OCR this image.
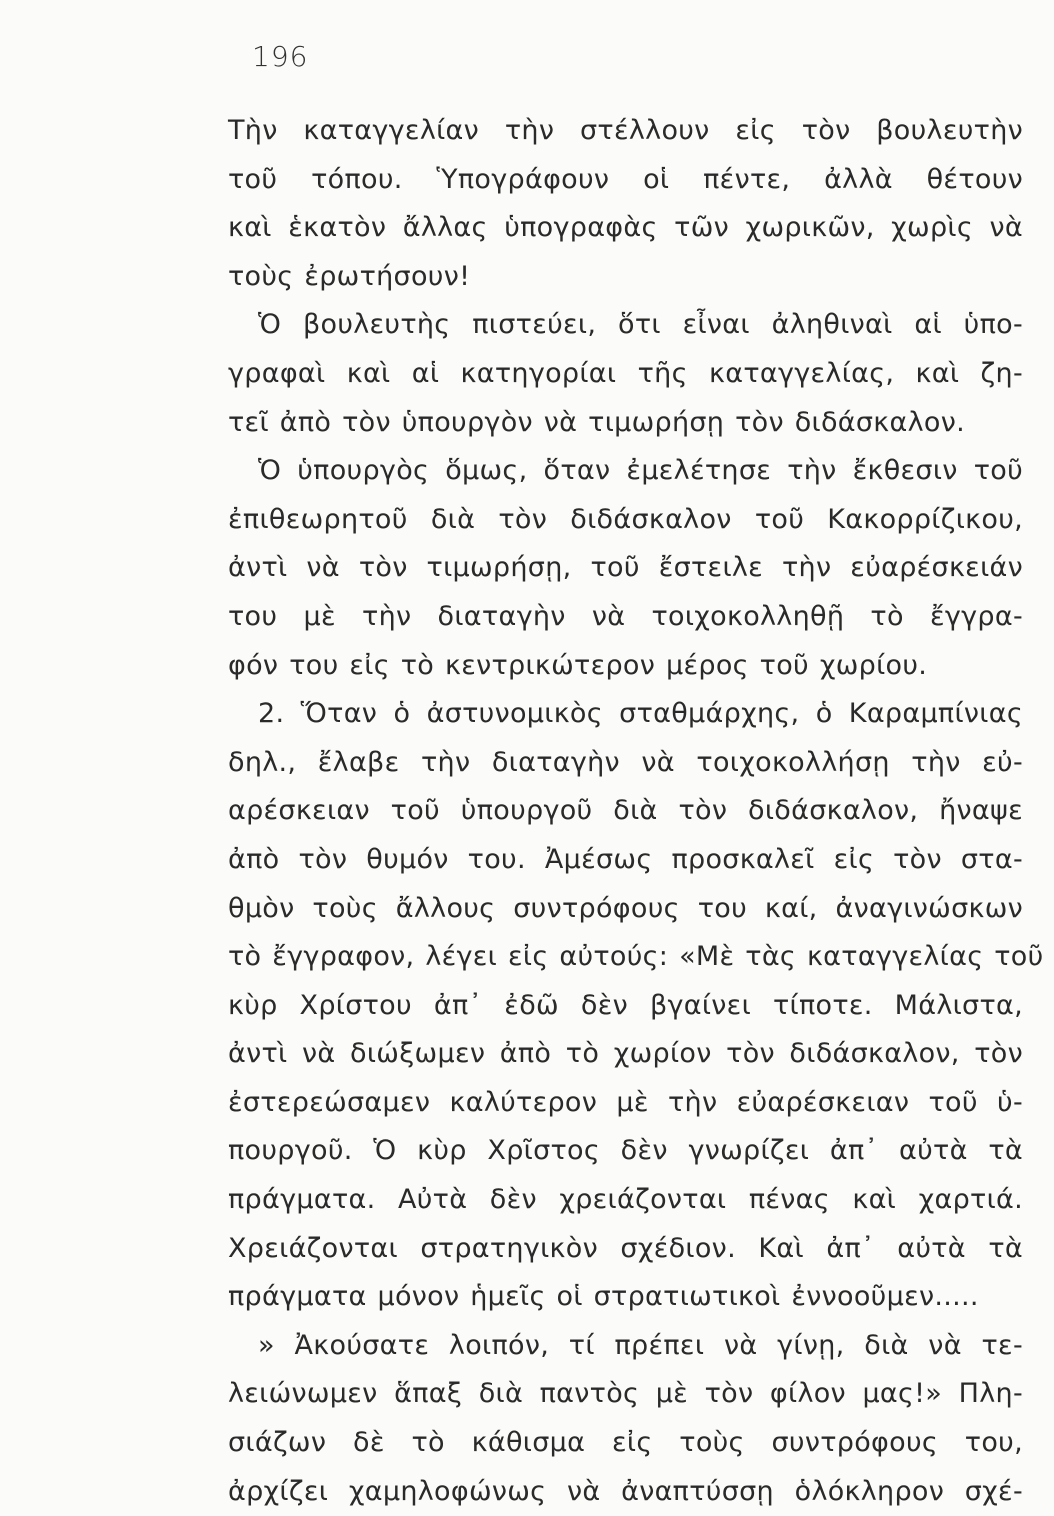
196
Τὴν καταγγελίαν τὴν στέλλουν εἰς τὸν βουλευτὴν
τοῦ τόπου. Ὑπογράφουν οἱ πέντε, ἀλλὰ θέτουν
καὶ ἑκατὸν ἄλλας ὑπογραφὰς τῶν χωρικῶν, χωρὶς νὰ
τοὺς ἐρωτήσουν!
Ὁ βουλευτὴς πιστεύει, ὅτι εἶναι ἀληθιναὶ αἱ ὑπο-
γραφαὶ καὶ αἱ κατηγορίαι τῆς καταγγελίας, καὶ ζη-
τεῖ ἀπὸ τὸν ὑπουργὸν νὰ τιμωρήσῃ τὸν διδάσκαλον.
Ὁ ὑπουργὸς ὅμως, ὅταν ἐμελέτησε τὴν ἔκθεσιν τοῦ
ἐπιθεωρητοῦ διὰ τὸν διδάσκαλον τοῦ Κακορρίζικου,
ἀντὶ νὰ τὸν τιμωρήσῃ, τοῦ ἔστειλε τὴν εὐαρέσκειάν
του μὲ τὴν διαταγὴν νὰ τοιχοκολληθῇ τὸ ἔγγρα-
φόν του εἰς τὸ κεντρικώτερον μέρος τοῦ χωρίου.
2. Ὅταν ὁ ἀστυνομικὸς σταθμάρχης, ὁ Καραμπίνιας
δηλ., ἔλαβε τὴν διαταγὴν νὰ τοιχοκολλήσῃ τὴν εὐ-
αρέσκειαν τοῦ ὑπουργοῦ διὰ τὸν διδάσκαλον, ἤναψε
ἀπὸ τὸν θυμόν του. Ἀμέσως προσκαλεῖ εἰς τὸν στα-
θμὸν τοὺς ἄλλους συντρόφους του καί, ἀναγινώσκων
τὸ ἔγγραφον, λέγει εἰς αὐτούς: «Μὲ τὰς καταγγελίας τοῦ
κὺρ Χρίστου ἀπ᾽ ἐδῶ δὲν βγαίνει τίποτε. Μάλιστα,
ἀντὶ νὰ διώξωμεν ἀπὸ τὸ χωρίον τὸν διδάσκαλον, τὸν
ἐστερεώσαμεν καλύτερον μὲ τὴν εὐαρέσκειαν τοῦ ὑ-
πουργοῦ. Ὁ κὺρ Χρῖστος δὲν γνωρίζει ἀπ᾽ αὐτὰ τὰ
πράγματα. Αὐτὰ δὲν χρειάζονται πένας καὶ χαρτιά.
Χρειάζονται στρατηγικὸν σχέδιον. Καὶ ἀπ᾽ αὐτὰ τὰ
πράγματα μόνον ἡμεῖς οἱ στρατιωτικοὶ ἐννοοῦμεν.....
» Ἀκούσατε λοιπόν, τί πρέπει νὰ γίνῃ, διὰ νὰ τε-
λειώνωμεν ἅπαξ διὰ παντὸς μὲ τὸν φίλον μας!» Πλη-
σιάζων δὲ τὸ κάθισμα εἰς τοὺς συντρόφους του,
ἀρχίζει χαμηλοφώνως νὰ ἀναπτύσσῃ ὁλόκληρον σχέ-
